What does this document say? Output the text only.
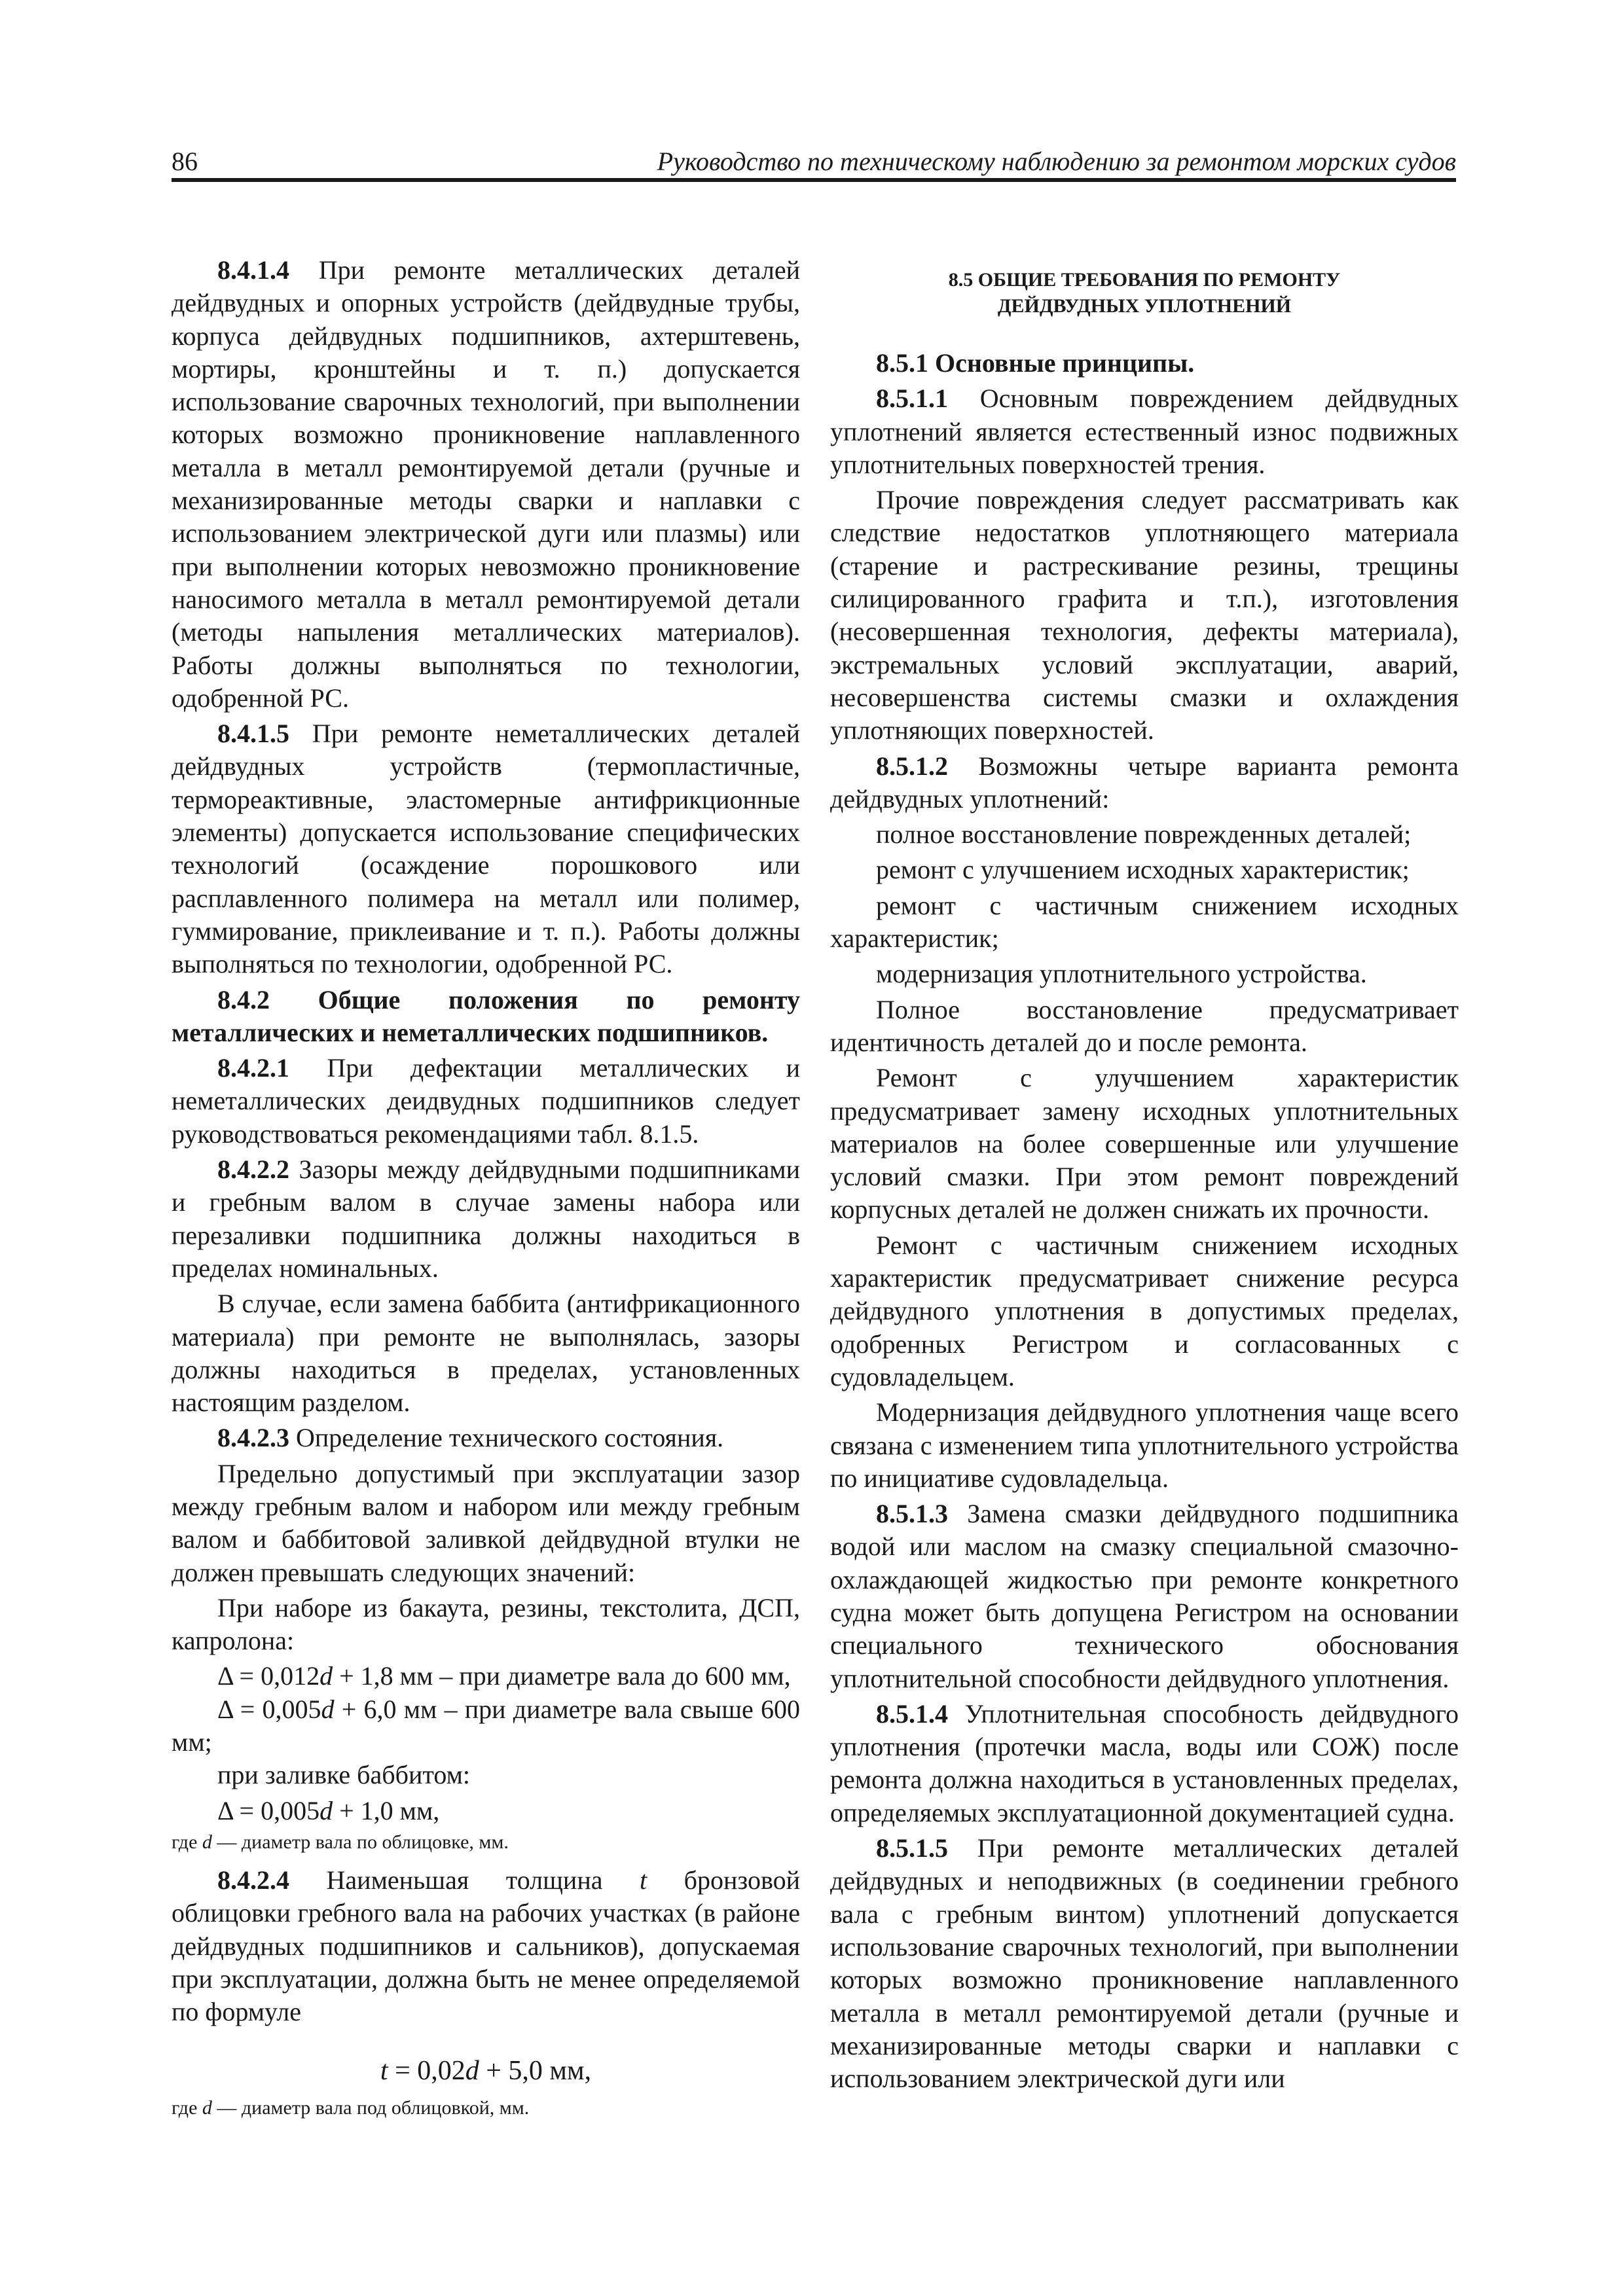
86	Руководство по техническому наблюдению за ремонтом морских судов

8.4.1.4 При ремонте металлических деталей дейдвудных и опорных устройств (дейдвудные трубы, корпуса дейдвудных подшипников, ахтерштевень, мортиры, кронштейны и т. п.) допускается использование сварочных технологий, при выполнении которых возможно проникновение наплавленного металла в металл ремонтируемой детали (ручные и механизированные методы сварки и наплавки с использованием электрической дуги или плазмы) или при выполнении которых невозможно проникновение наносимого металла в металл ремонтируемой детали (методы напыления металлических материалов). Работы должны выполняться по технологии, одобренной РС.

8.4.1.5 При ремонте неметаллических деталей дейдвудных устройств (термопластичные, термореактивные, эластомерные антифрикционные элементы) допускается использование специфических технологий (осаждение порошкового или расплавленного полимера на металл или полимер, гуммирование, приклеивание и т. п.). Работы должны выполняться по технологии, одобренной РС.

8.4.2 Общие положения по ремонту металлических и неметаллических подшипников.

8.4.2.1 При дефектации металлических и неметаллических деидвудных подшипников следует руководствоваться рекомендациями табл. 8.1.5.

8.4.2.2 Зазоры между дейдвудными подшипниками и гребным валом в случае замены набора или перезаливки подшипника должны находиться в пределах номинальных.

В случае, если замена баббита (антифрикационного материала) при ремонте не выполнялась, зазоры должны находиться в пределах, установленных настоящим разделом.

8.4.2.3 Определение технического состояния.

Предельно допустимый при эксплуатации зазор между гребным валом и набором или между гребным валом и баббитовой заливкой дейдвудной втулки не должен превышать следующих значений:

При наборе из бакаута, резины, текстолита, ДСП, капролона:

Δ = 0,012d + 1,8 мм – при диаметре вала до 600 мм,

Δ = 0,005d + 6,0 мм – при диаметре вала свыше 600 мм;

при заливке баббитом:

Δ = 0,005d + 1,0 мм,

где d — диаметр вала по облицовке, мм.

8.4.2.4 Наименьшая толщина t бронзовой облицовки гребного вала на рабочих участках (в районе дейдвудных подшипников и сальников), допускаемая при эксплуатации, должна быть не менее определяемой по формуле

t = 0,02d + 5,0 мм,

где d — диаметр вала под облицовкой, мм.

8.5 ОБЩИЕ ТРЕБОВАНИЯ ПО РЕМОНТУ
ДЕЙДВУДНЫХ УПЛОТНЕНИЙ

8.5.1 Основные принципы.

8.5.1.1 Основным повреждением дейдвудных уплотнений является естественный износ подвижных уплотнительных поверхностей трения.

Прочие повреждения следует рассматривать как следствие недостатков уплотняющего материала (старение и растрескивание резины, трещины силицированного графита и т.п.), изготовления (несовершенная технология, дефекты материала), экстремальных условий эксплуатации, аварий, несовершенства системы смазки и охлаждения уплотняющих поверхностей.

8.5.1.2 Возможны четыре варианта ремонта дейдвудных уплотнений:

полное восстановление поврежденных деталей;

ремонт с улучшением исходных характеристик;

ремонт с частичным снижением исходных характеристик;

модернизация уплотнительного устройства.

Полное восстановление предусматривает идентичность деталей до и после ремонта.

Ремонт с улучшением характеристик предусматривает замену исходных уплотнительных материалов на более совершенные или улучшение условий смазки. При этом ремонт повреждений корпусных деталей не должен снижать их прочности.

Ремонт с частичным снижением исходных характеристик предусматривает снижение ресурса дейдвудного уплотнения в допустимых пределах, одобренных Регистром и согласованных с судовладельцем.

Модернизация дейдвудного уплотнения чаще всего связана с изменением типа уплотнительного устройства по инициативе судовладельца.

8.5.1.3 Замена смазки дейдвудного подшипника водой или маслом на смазку специальной смазочно-охлаждающей жидкостью при ремонте конкретного судна может быть допущена Регистром на основании специального технического обоснования уплотнительной способности дейдвудного уплотнения.

8.5.1.4 Уплотнительная способность дейдвудного уплотнения (протечки масла, воды или СОЖ) после ремонта должна находиться в установленных пределах, определяемых эксплуатационной документацией судна.

8.5.1.5 При ремонте металлических деталей дейдвудных и неподвижных (в соединении гребного вала с гребным винтом) уплотнений допускается использование сварочных технологий, при выполнении которых возможно проникновение наплавленного металла в металл ремонтируемой детали (ручные и механизированные методы сварки и наплавки с использованием электрической дуги или
